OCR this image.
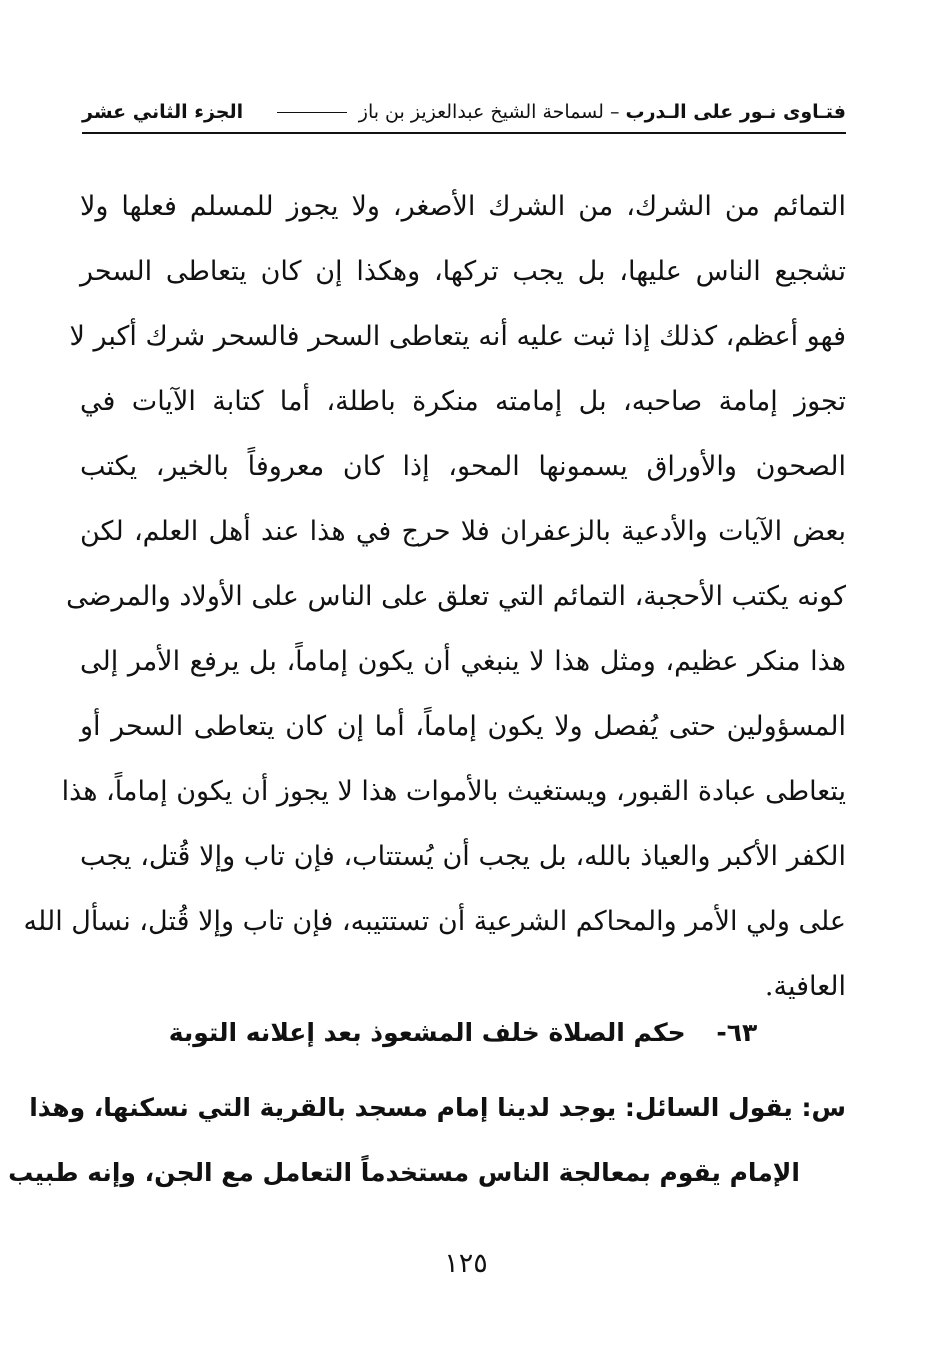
فتـاوى نـور على الـدرب – لسماحة الشيخ عبدالعزيز بن باز
الجزء الثاني عشر
التمائم من الشرك، من الشرك الأصغر، ولا يجوز للمسلم فعلها ولا
تشجيع الناس عليها، بل يجب تركها، وهكذا إن كان يتعاطى السحر
فهو أعظم، كذلك إذا ثبت عليه أنه يتعاطى السحر فالسحر شرك أكبر لا
تجوز إمامة صاحبه، بل إمامته منكرة باطلة، أما كتابة الآيات في
الصحون والأوراق يسمونها المحو، إذا كان معروفاً بالخير، يكتب
بعض الآيات والأدعية بالزعفران فلا حرج في هذا عند أهل العلم، لكن
كونه يكتب الأحجبة، التمائم التي تعلق على الناس على الأولاد والمرضى
هذا منكر عظيم، ومثل هذا لا ينبغي أن يكون إماماً، بل يرفع الأمر إلى
المسؤولين حتى يُفصل ولا يكون إماماً، أما إن كان يتعاطى السحر أو
يتعاطى عبادة القبور، ويستغيث بالأموات هذا لا يجوز أن يكون إماماً، هذا
الكفر الأكبر والعياذ بالله، بل يجب أن يُستتاب، فإن تاب وإلا قُتل، يجب
على ولي الأمر والمحاكم الشرعية أن تستتيبه، فإن تاب وإلا قُتل، نسأل الله
العافية.
٦٣- حكم الصلاة خلف المشعوذ بعد إعلانه التوبة
س: يقول السائل: يوجد لدينا إمام مسجد بالقرية التي نسكنها، وهذا
الإمام يقوم بمعالجة الناس مستخدماً التعامل مع الجن، وإنه طبيب
١٢٥
